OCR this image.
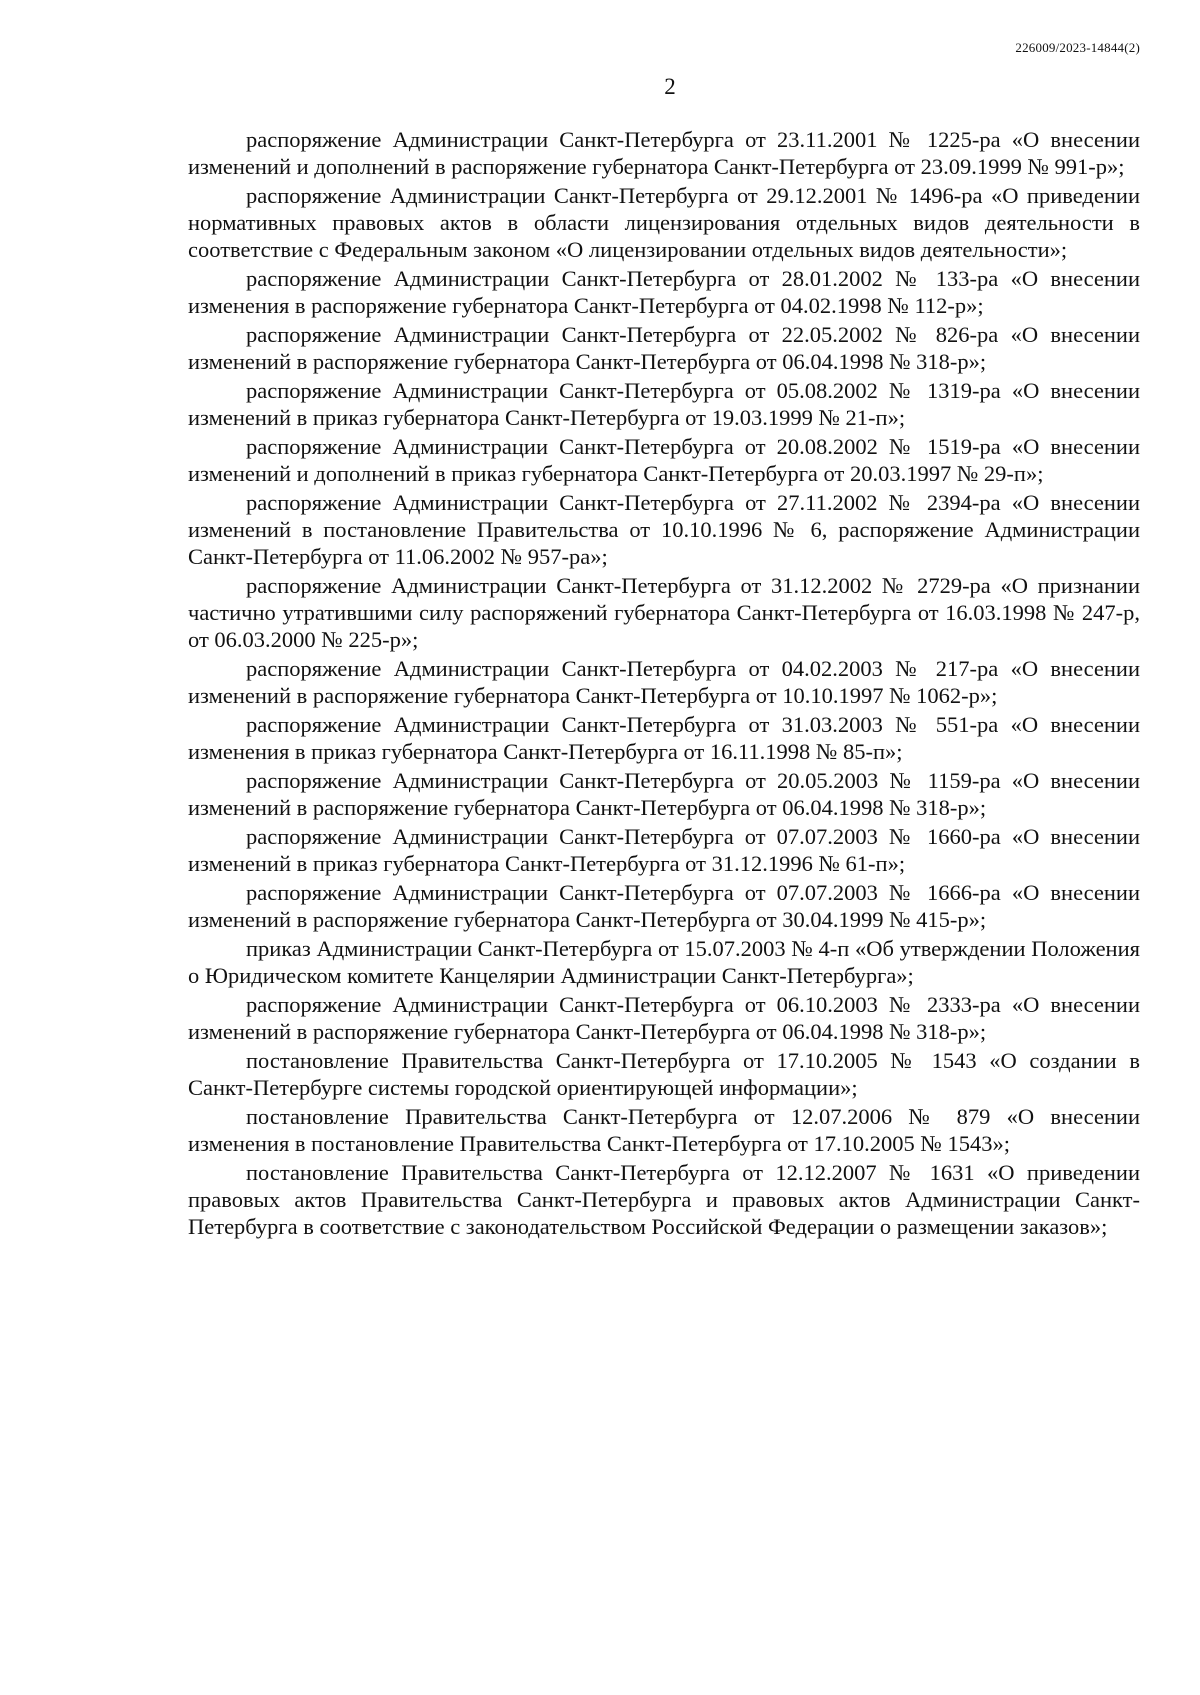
226009/2023-14844(2)
2

распоряжение Администрации Санкт-Петербурга от 23.11.2001 № 1225-ра «О внесении изменений и дополнений в распоряжение губернатора Санкт-Петербурга от 23.09.1999 № 991-р»;

распоряжение Администрации Санкт-Петербурга от 29.12.2001 № 1496-ра «О приведении нормативных правовых актов в области лицензирования отдельных видов деятельности в соответствие с Федеральным законом «О лицензировании отдельных видов деятельности»;

распоряжение Администрации Санкт-Петербурга от 28.01.2002 № 133-ра «О внесении изменения в распоряжение губернатора Санкт-Петербурга от 04.02.1998 № 112-р»;

распоряжение Администрации Санкт-Петербурга от 22.05.2002 № 826-ра «О внесении изменений в распоряжение губернатора Санкт-Петербурга от 06.04.1998 № 318-р»;

распоряжение Администрации Санкт-Петербурга от 05.08.2002 № 1319-ра «О внесении изменений в приказ губернатора Санкт-Петербурга от 19.03.1999 № 21-п»;

распоряжение Администрации Санкт-Петербурга от 20.08.2002 № 1519-ра «О внесении изменений и дополнений в приказ губернатора Санкт-Петербурга от 20.03.1997 № 29-п»;

распоряжение Администрации Санкт-Петербурга от 27.11.2002 № 2394-ра «О внесении изменений в постановление Правительства от 10.10.1996 № 6, распоряжение Администрации Санкт-Петербурга от 11.06.2002 № 957-ра»;

распоряжение Администрации Санкт-Петербурга от 31.12.2002 № 2729-ра «О признании частично утратившими силу распоряжений губернатора Санкт-Петербурга от 16.03.1998 № 247-р, от 06.03.2000 № 225-р»;

распоряжение Администрации Санкт-Петербурга от 04.02.2003 № 217-ра «О внесении изменений в распоряжение губернатора Санкт-Петербурга от 10.10.1997 № 1062-р»;

распоряжение Администрации Санкт-Петербурга от 31.03.2003 № 551-ра «О внесении изменения в приказ губернатора Санкт-Петербурга от 16.11.1998 № 85-п»;

распоряжение Администрации Санкт-Петербурга от 20.05.2003 № 1159-ра «О внесении изменений в распоряжение губернатора Санкт-Петербурга от 06.04.1998 № 318-р»;

распоряжение Администрации Санкт-Петербурга от 07.07.2003 № 1660-ра «О внесении изменений в приказ губернатора Санкт-Петербурга от 31.12.1996 № 61-п»;

распоряжение Администрации Санкт-Петербурга от 07.07.2003 № 1666-ра «О внесении изменений в распоряжение губернатора Санкт-Петербурга от 30.04.1999 № 415-р»;

приказ Администрации Санкт-Петербурга от 15.07.2003 № 4-п «Об утверждении Положения о Юридическом комитете Канцелярии Администрации Санкт-Петербурга»;

распоряжение Администрации Санкт-Петербурга от 06.10.2003 № 2333-ра «О внесении изменений в распоряжение губернатора Санкт-Петербурга от 06.04.1998 № 318-р»;

постановление Правительства Санкт-Петербурга от 17.10.2005 № 1543 «О создании в Санкт-Петербурге системы городской ориентирующей информации»;

постановление Правительства Санкт-Петербурга от 12.07.2006 № 879 «О внесении изменения в постановление Правительства Санкт-Петербурга от 17.10.2005 № 1543»;

постановление Правительства Санкт-Петербурга от 12.12.2007 № 1631 «О приведении правовых актов Правительства Санкт-Петербурга и правовых актов Администрации Санкт-Петербурга в соответствие с законодательством Российской Федерации о размещении заказов»;
